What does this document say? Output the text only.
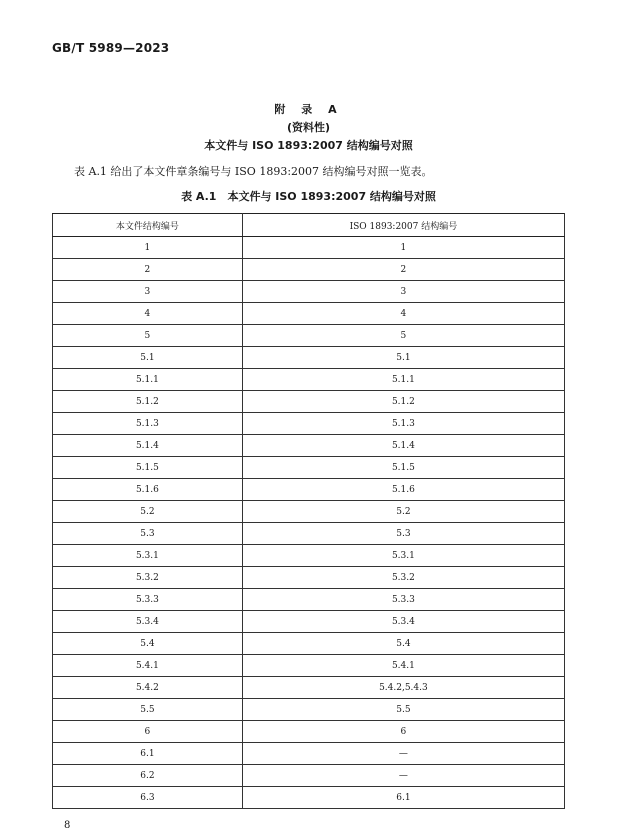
GB/T 5989—2023
附 录 A
(资料性)
本文件与 ISO 1893:2007 结构编号对照
表 A.1 给出了本文件章条编号与 ISO 1893:2007 结构编号对照一览表。
表 A.1　本文件与 ISO 1893:2007 结构编号对照
本文件结构编号	ISO 1893:2007 结构编号
1	1
2	2
3	3
4	4
5	5
5.1	5.1
5.1.1	5.1.1
5.1.2	5.1.2
5.1.3	5.1.3
5.1.4	5.1.4
5.1.5	5.1.5
5.1.6	5.1.6
5.2	5.2
5.3	5.3
5.3.1	5.3.1
5.3.2	5.3.2
5.3.3	5.3.3
5.3.4	5.3.4
5.4	5.4
5.4.1	5.4.1
5.4.2	5.4.2,5.4.3
5.5	5.5
6	6
6.1	—
6.2	—
6.3	6.1
8
